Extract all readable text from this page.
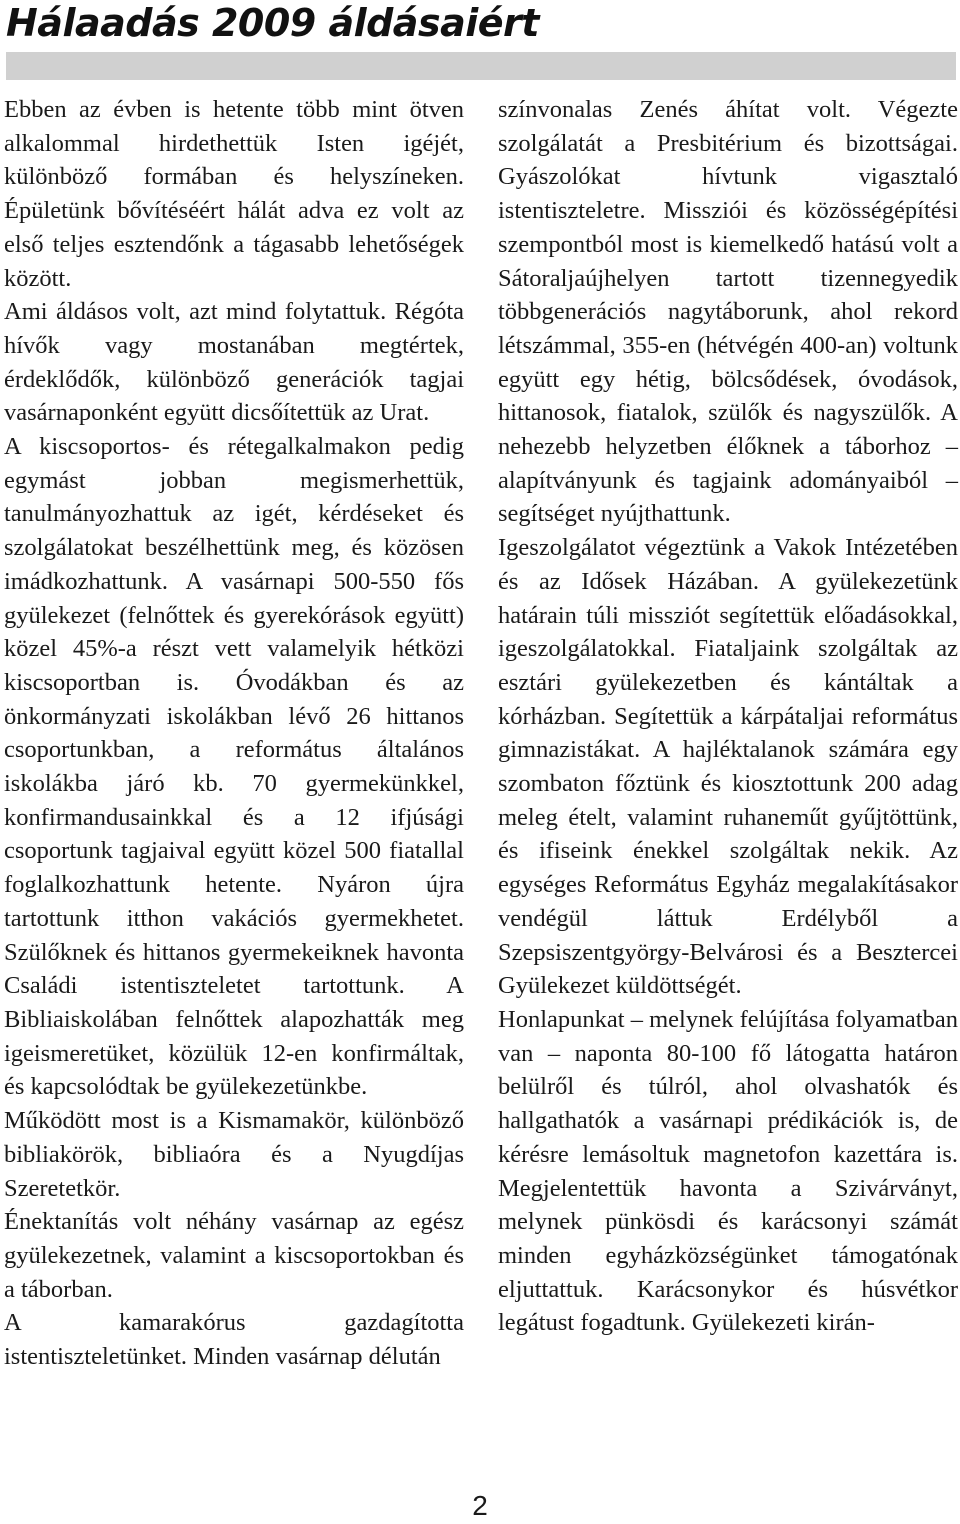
Hálaadás 2009 áldásaiért

Ebben az évben is hetente több mint ötven alkalommal hirdethettük Isten igéjét, különböző formában és helyszíneken. Épületünk bővítéséért hálát adva ez volt az első teljes esztendőnk a tágasabb lehetőségek között.

Ami áldásos volt, azt mind folytattuk. Régóta hívők vagy mostanában megtértek, érdeklődők, különböző generációk tagjai vasárnaponként együtt dicsőítettük az Urat.

A kiscsoportos- és rétegalkalmakon pedig egymást jobban megismerhettük, tanulmányozhattuk az igét, kérdéseket és szolgálatokat beszélhettünk meg, és közösen imádkozhattunk. A vasárnapi 500-550 fős gyülekezet (felnőttek és gyerekórások együtt) közel 45%-a részt vett valamelyik hétközi kiscsoportban is. Óvodákban és az önkormányzati iskolákban lévő 26 hittanos csoportunkban, a református általános iskolákba járó kb. 70 gyermekünkkel, konfirmandusainkkal és a 12 ifjúsági csoportunk tagjaival együtt közel 500 fiatallal foglalkozhattunk hetente. Nyáron újra tartottunk itthon vakációs gyermekhetet. Szülőknek és hittanos gyermekeiknek havonta Családi istentiszteletet tartottunk. A Bibliaiskolában felnőttek alapozhatták meg igeismeretüket, közülük 12-en konfirmáltak, és kapcsolódtak be gyülekezetünkbe.

Működött most is a Kismamakör, különböző bibliakörök, bibliaóra és a Nyugdíjas Szeretetkör.

Énektanítás volt néhány vasárnap az egész gyülekezetnek, valamint a kiscsoportokban és a táborban.

A kamarakórus gazdagította istentiszteletünket. Minden vasárnap délután

színvonalas Zenés áhítat volt. Végezte szolgálatát a Presbitérium és bizottságai. Gyászolókat hívtunk vigasztaló istentiszteletre. Missziói és közösségépítési szempontból most is kiemelkedő hatású volt a Sátoraljaújhelyen tartott tizennegyedik többgenerációs nagytáborunk, ahol rekord létszámmal, 355-en (hétvégén 400-an) voltunk együtt egy hétig, bölcsődések, óvodások, hittanosok, fiatalok, szülők és nagyszülők. A nehezebb helyzetben élőknek a táborhoz – alapítványunk és tagjaink adományaiból – segítséget nyújthattunk.

Igeszolgálatot végeztünk a Vakok Intézetében és az Idősek Házában. A gyülekezetünk határain túli missziót segítettük előadásokkal, igeszolgálatokkal. Fiataljaink szolgáltak az esztári gyülekezetben és kántáltak a kórházban. Segítettük a kárpátaljai református gimnazistákat. A hajléktalanok számára egy szombaton főztünk és kiosztottunk 200 adag meleg ételt, valamint ruhaneműt gyűjtöttünk, és ifiseink énekkel szolgáltak nekik. Az egységes Református Egyház megalakításakor vendégül láttuk Erdélyből a Szepsiszentgyörgy-Belvárosi és a Besztercei Gyülekezet küldöttségét.

Honlapunkat – melynek felújítása folyamatban van – naponta 80-100 fő látogatta határon belülről és túlról, ahol olvashatók és hallgathatók a vasárnapi prédikációk is, de kérésre lemásoltuk magnetofon kazettára is. Megjelentettük havonta a Szivárványt, melynek pünkösdi és karácsonyi számát minden egyházközségünket támogatónak eljuttattuk. Karácsonykor és húsvétkor legátust fogadtunk. Gyülekezeti kirán-

2
